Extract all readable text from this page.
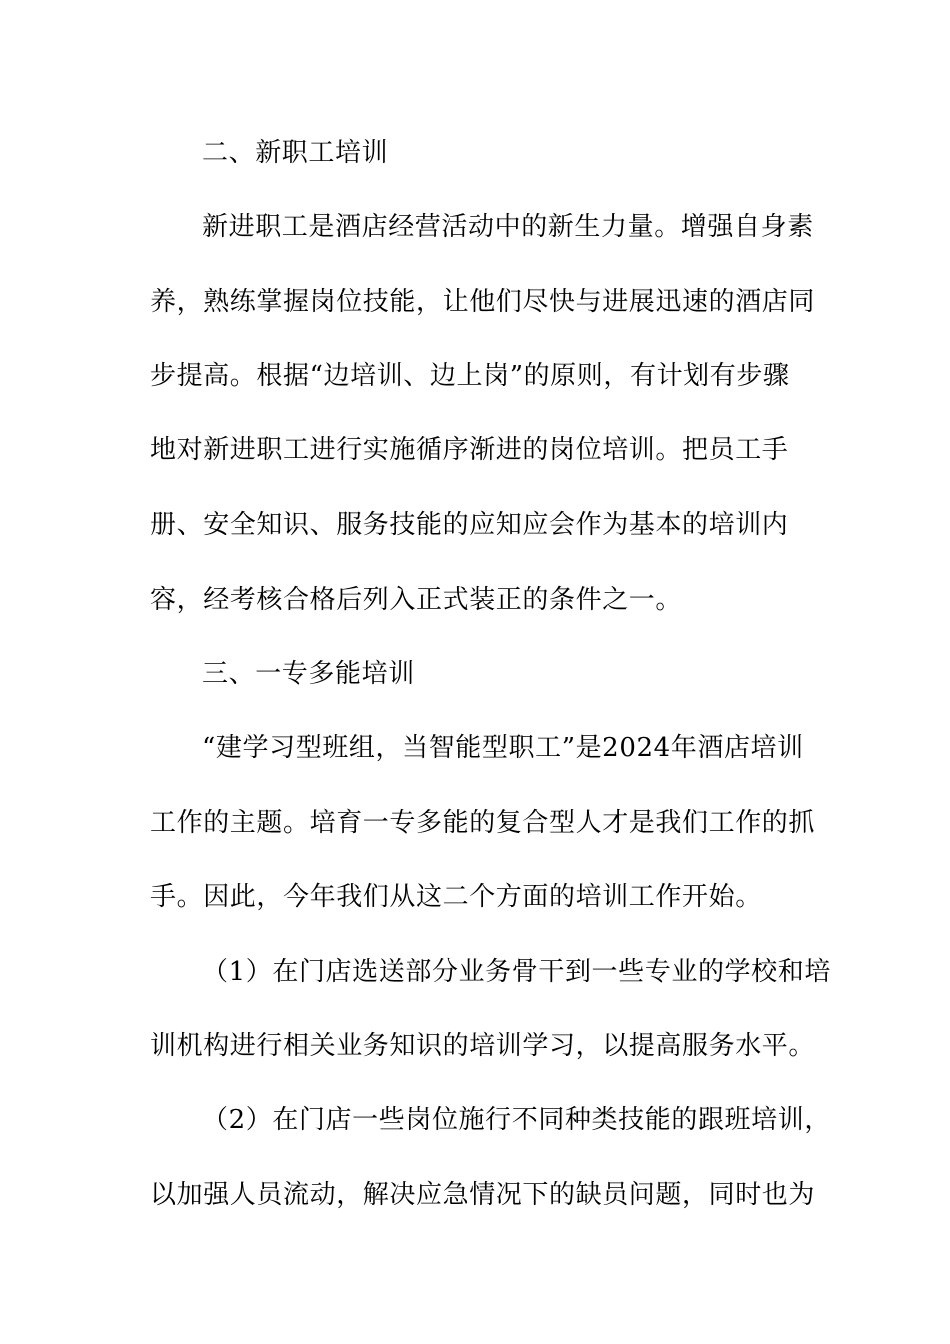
二、新职工培训
新进职工是酒店经营活动中的新生力量。增强自身素
养，熟练掌握岗位技能，让他们尽快与进展迅速的酒店同
步提高。根据“边培训、边上岗”的原则，有计划有步骤
地对新进职工进行实施循序渐进的岗位培训。把员工手
册、安全知识、服务技能的应知应会作为基本的培训内
容，经考核合格后列入正式装正的条件之一。
三、一专多能培训
“建学习型班组，当智能型职工”是2024年酒店培训
工作的主题。培育一专多能的复合型人才是我们工作的抓
手。因此，今年我们从这二个方面的培训工作开始。
（1）在门店选送部分业务骨干到一些专业的学校和培
训机构进行相关业务知识的培训学习，以提高服务水平。
（2）在门店一些岗位施行不同种类技能的跟班培训，
以加强人员流动，解决应急情况下的缺员问题，同时也为
